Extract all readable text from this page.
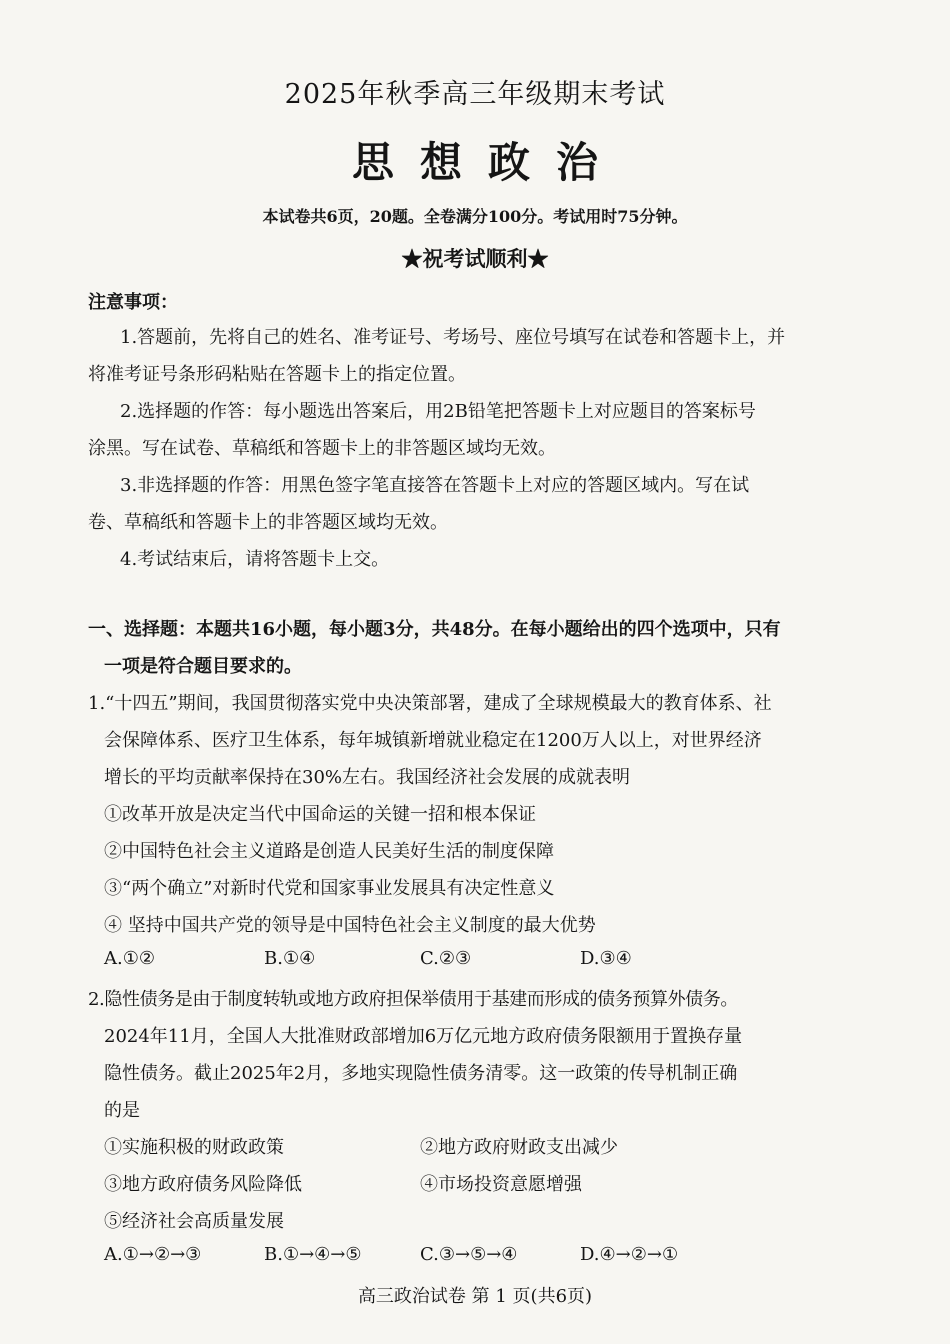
2025年秋季高三年级期末考试
思想政治
本试卷共6页，20题。全卷满分100分。考试用时75分钟。
★祝考试顺利★
注意事项：
1.答题前，先将自己的姓名、准考证号、考场号、座位号填写在试卷和答题卡上，并
将准考证号条形码粘贴在答题卡上的指定位置。
2.选择题的作答：每小题选出答案后，用2B铅笔把答题卡上对应题目的答案标号
涂黑。写在试卷、草稿纸和答题卡上的非答题区域均无效。
3.非选择题的作答：用黑色签字笔直接答在答题卡上对应的答题区域内。写在试
卷、草稿纸和答题卡上的非答题区域均无效。
4.考试结束后，请将答题卡上交。
一、选择题：本题共16小题，每小题3分，共48分。在每小题给出的四个选项中，只有
一项是符合题目要求的。
1.“十四五”期间，我国贯彻落实党中央决策部署，建成了全球规模最大的教育体系、社
会保障体系、医疗卫生体系，每年城镇新增就业稳定在1200万人以上，对世界经济
增长的平均贡献率保持在30%左右。我国经济社会发展的成就表明
①改革开放是决定当代中国命运的关键一招和根本保证
②中国特色社会主义道路是创造人民美好生活的制度保障
③“两个确立”对新时代党和国家事业发展具有决定性意义
④ 坚持中国共产党的领导是中国特色社会主义制度的最大优势
A.①②	B.①④	C.②③	D.③④
2.隐性债务是由于制度转轨或地方政府担保举债用于基建而形成的债务预算外债务。
2024年11月，全国人大批准财政部增加6万亿元地方政府债务限额用于置换存量
隐性债务。截止2025年2月，多地实现隐性债务清零。这一政策的传导机制正确
的是
①实施积极的财政政策	②地方政府财政支出减少
③地方政府债务风险降低	④市场投资意愿增强
⑤经济社会高质量发展
A.①→②→③	B.①→④→⑤	C.③→⑤→④	D.④→②→①
高三政治试卷 第 1 页(共6页)
